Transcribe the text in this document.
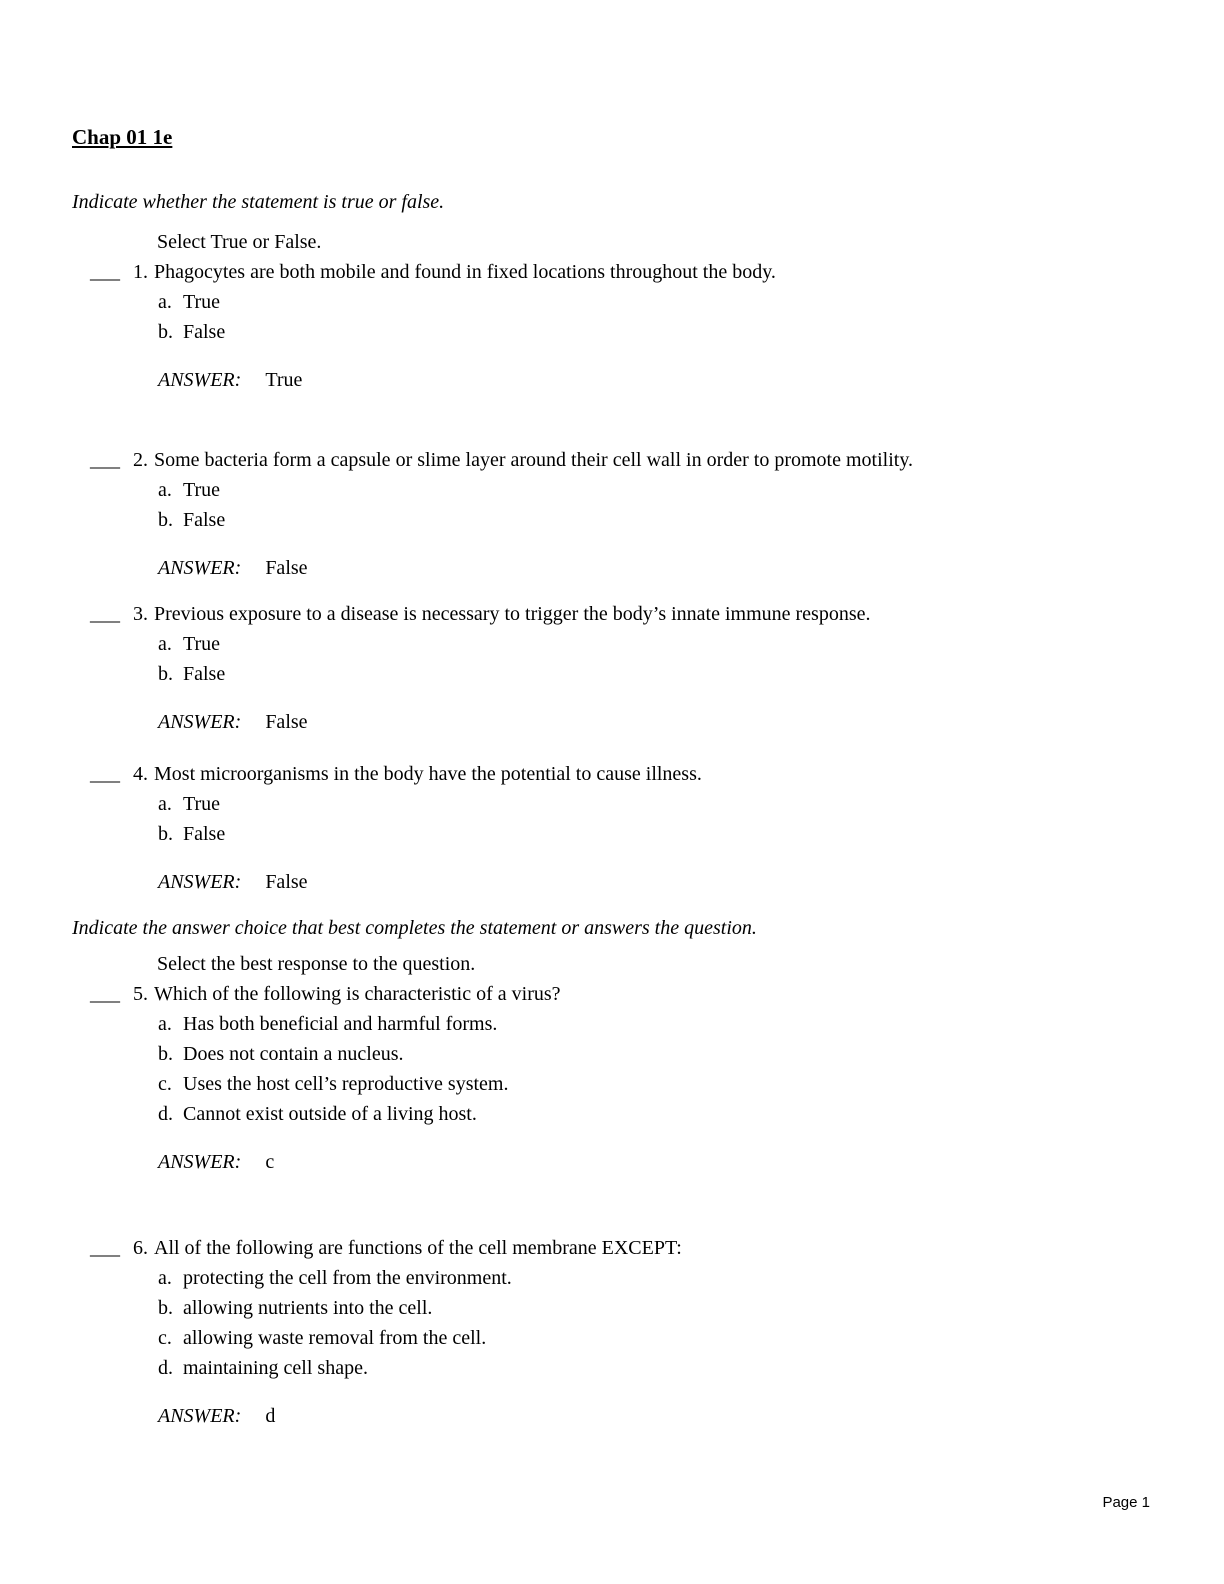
Chap 01 1e

Indicate whether the statement is true or false.

Select True or False.

___ 1. Phagocytes are both mobile and found in fixed locations throughout the body.
a. True
b. False
ANSWER: True
___ 2. Some bacteria form a capsule or slime layer around their cell wall in order to promote motility.
a. True
b. False
ANSWER: False
___ 3. Previous exposure to a disease is necessary to trigger the body’s innate immune response.
a. True
b. False
ANSWER: False
___ 4. Most microorganisms in the body have the potential to cause illness.
a. True
b. False
ANSWER: False

Indicate the answer choice that best completes the statement or answers the question.

Select the best response to the question.

___ 5. Which of the following is characteristic of a virus?
a. Has both beneficial and harmful forms.
b. Does not contain a nucleus.
c. Uses the host cell’s reproductive system.
d. Cannot exist outside of a living host.
ANSWER: c
___ 6. All of the following are functions of the cell membrane EXCEPT:
a. protecting the cell from the environment.
b. allowing nutrients into the cell.
c. allowing waste removal from the cell.
d. maintaining cell shape.
ANSWER: d
Page 1
